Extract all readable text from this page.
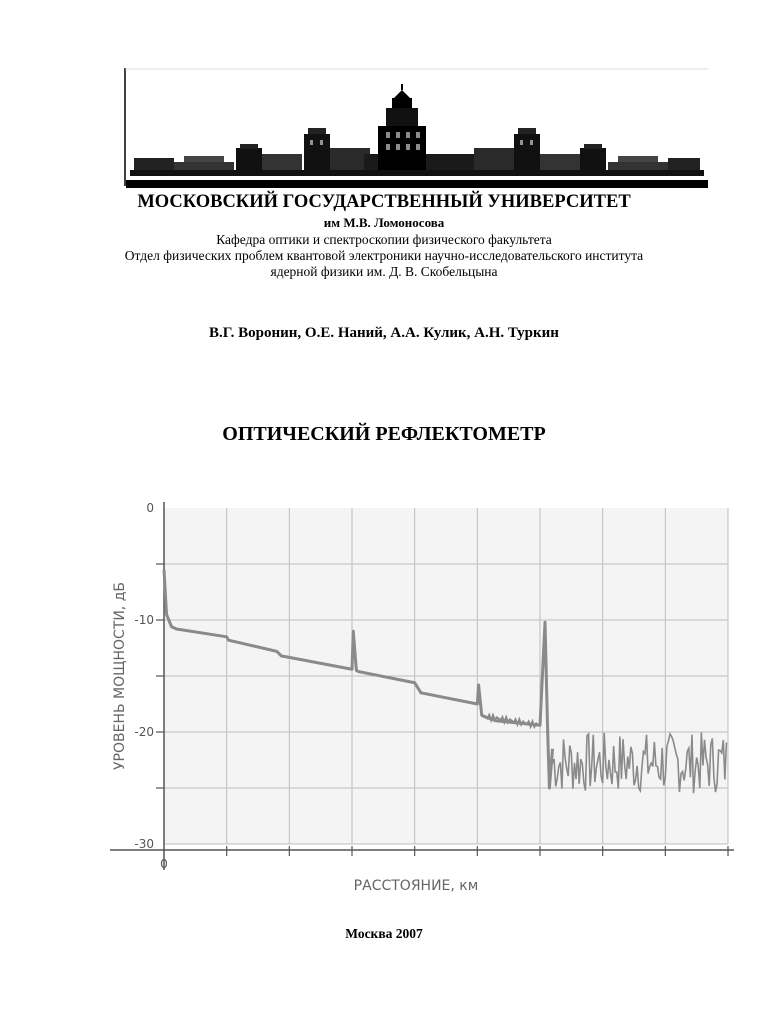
МОСКОВСКИЙ ГОСУДАРСТВЕННЫЙ УНИВЕРСИТЕТ
им М.В. Ломоносова
Кафедра оптики и спектроскопии физического факультета
Отдел физических проблем квантовой электроники научно-исследовательского института
ядерной физики им. Д. В. Скобельцына
В.Г. Воронин, О.Е. Наний, А.А. Кулик, А.Н. Туркин
ОПТИЧЕСКИЙ РЕФЛЕКТОМЕТР
0
-10
-20
-30
0
РАССТОЯНИЕ, км
УРОВЕНЬ МОЩНОСТИ, дБ
Москва 2007
